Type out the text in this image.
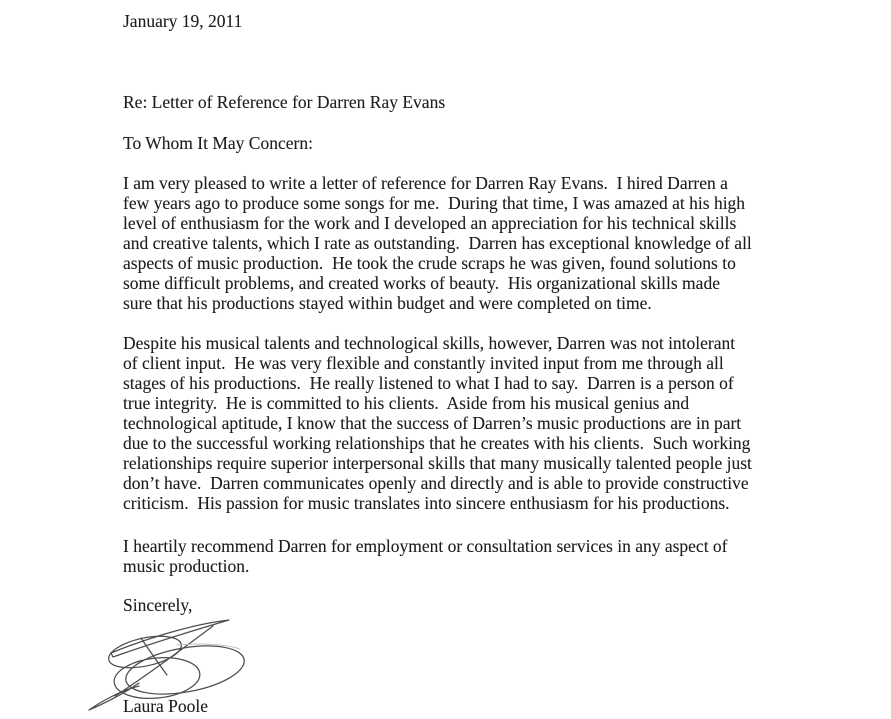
January 19, 2011
Re: Letter of Reference for Darren Ray Evans
To Whom It May Concern:
I am very pleased to write a letter of reference for Darren Ray Evans.  I hired Darren a
few years ago to produce some songs for me.  During that time, I was amazed at his high
level of enthusiasm for the work and I developed an appreciation for his technical skills
and creative talents, which I rate as outstanding.  Darren has exceptional knowledge of all
aspects of music production.  He took the crude scraps he was given, found solutions to
some difficult problems, and created works of beauty.  His organizational skills made
sure that his productions stayed within budget and were completed on time.
Despite his musical talents and technological skills, however, Darren was not intolerant
of client input.  He was very flexible and constantly invited input from me through all
stages of his productions.  He really listened to what I had to say.  Darren is a person of
true integrity.  He is committed to his clients.  Aside from his musical genius and
technological aptitude, I know that the success of Darren’s music productions are in part
due to the successful working relationships that he creates with his clients.  Such working
relationships require superior interpersonal skills that many musically talented people just
don’t have.  Darren communicates openly and directly and is able to provide constructive
criticism.  His passion for music translates into sincere enthusiasm for his productions.
I heartily recommend Darren for employment or consultation services in any aspect of
music production.
Sincerely,
Laura Poole
